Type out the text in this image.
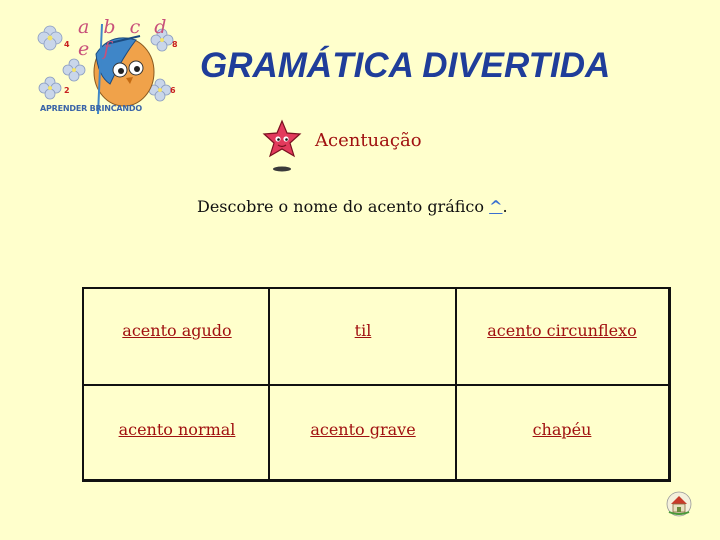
a b c d e f
4	8
2	6
APRENDER BRINCANDO
GRAMÁTICA DIVERTIDA
Acentuação
Descobre o nome do acento gráfico ^.
acento agudo	til	acento circunflexo
acento normal	acento grave	chapéu
